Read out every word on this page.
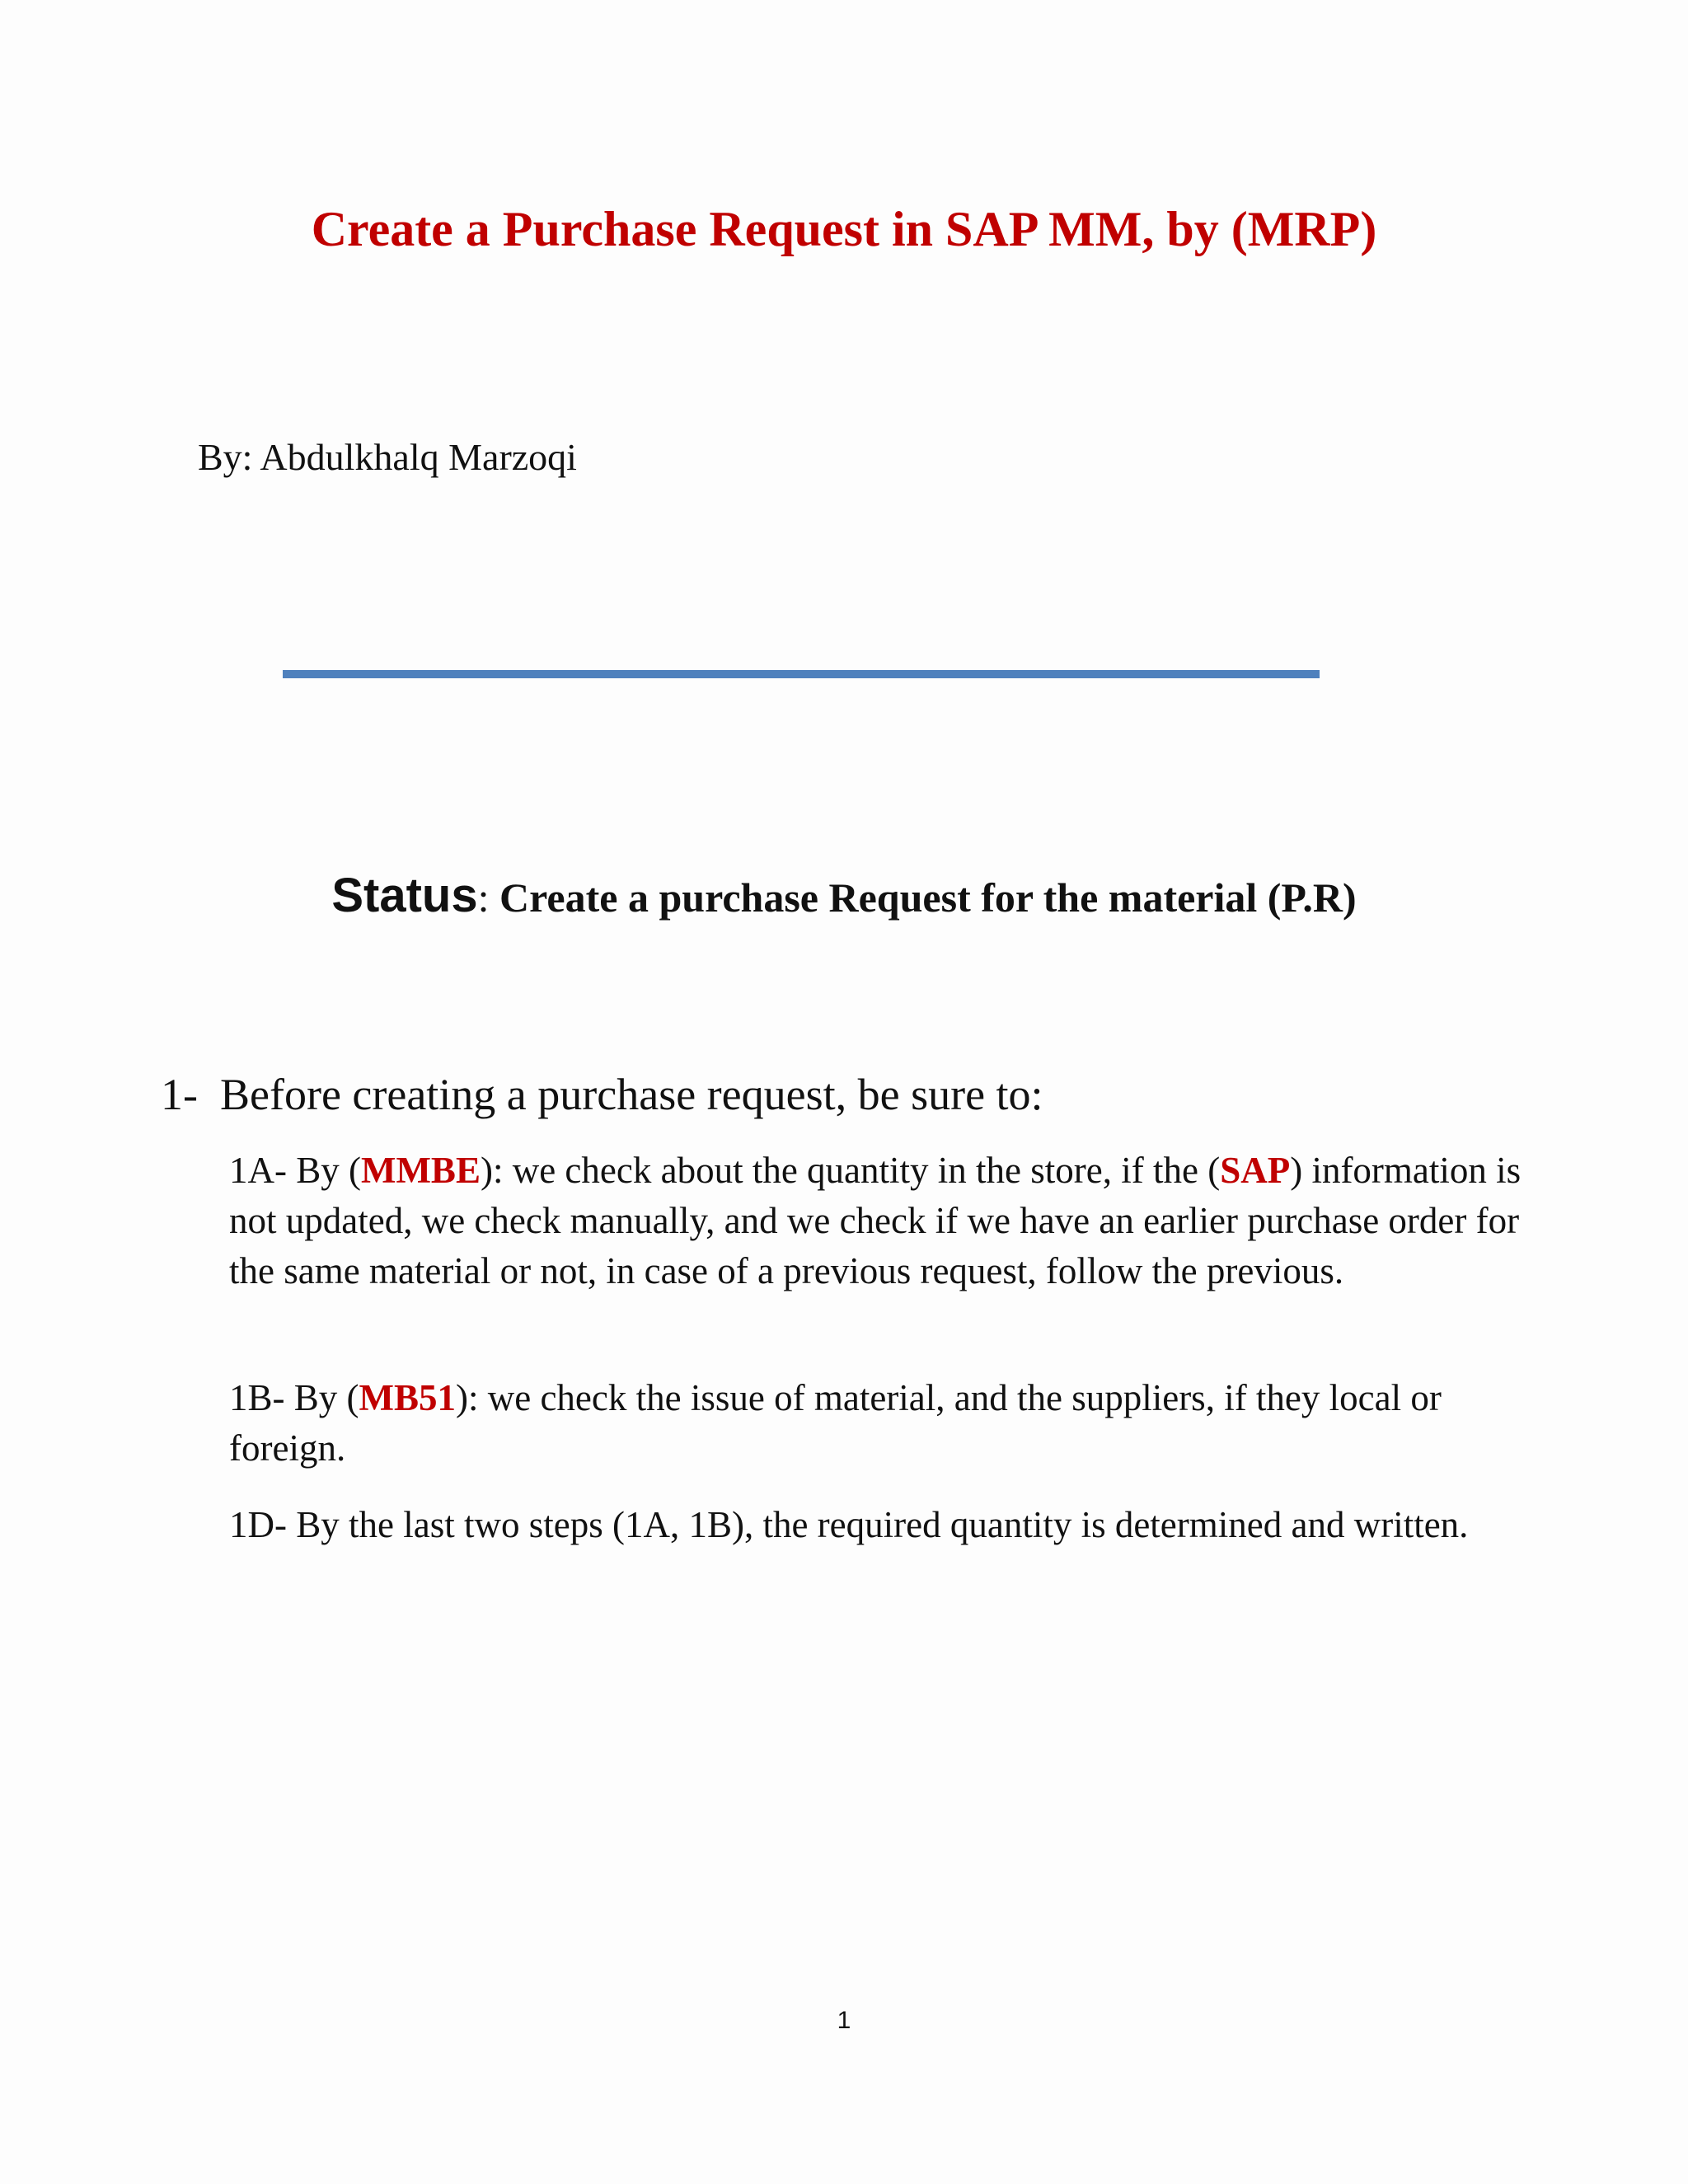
Create a Purchase Request in SAP MM, by (MRP)
By: Abdulkhalq Marzoqi
Status: Create a purchase Request for the material (P.R)
1- Before creating a purchase request, be sure to:
1A- By (MMBE): we check about the quantity in the store, if the (SAP) information is not updated, we check manually, and we check if we have an earlier purchase order for the same material or not, in case of a previous request, follow the previous.
1B- By (MB51): we check the issue of material, and the suppliers, if they local or foreign.
1D- By the last two steps (1A, 1B), the required quantity is determined and written.
1
